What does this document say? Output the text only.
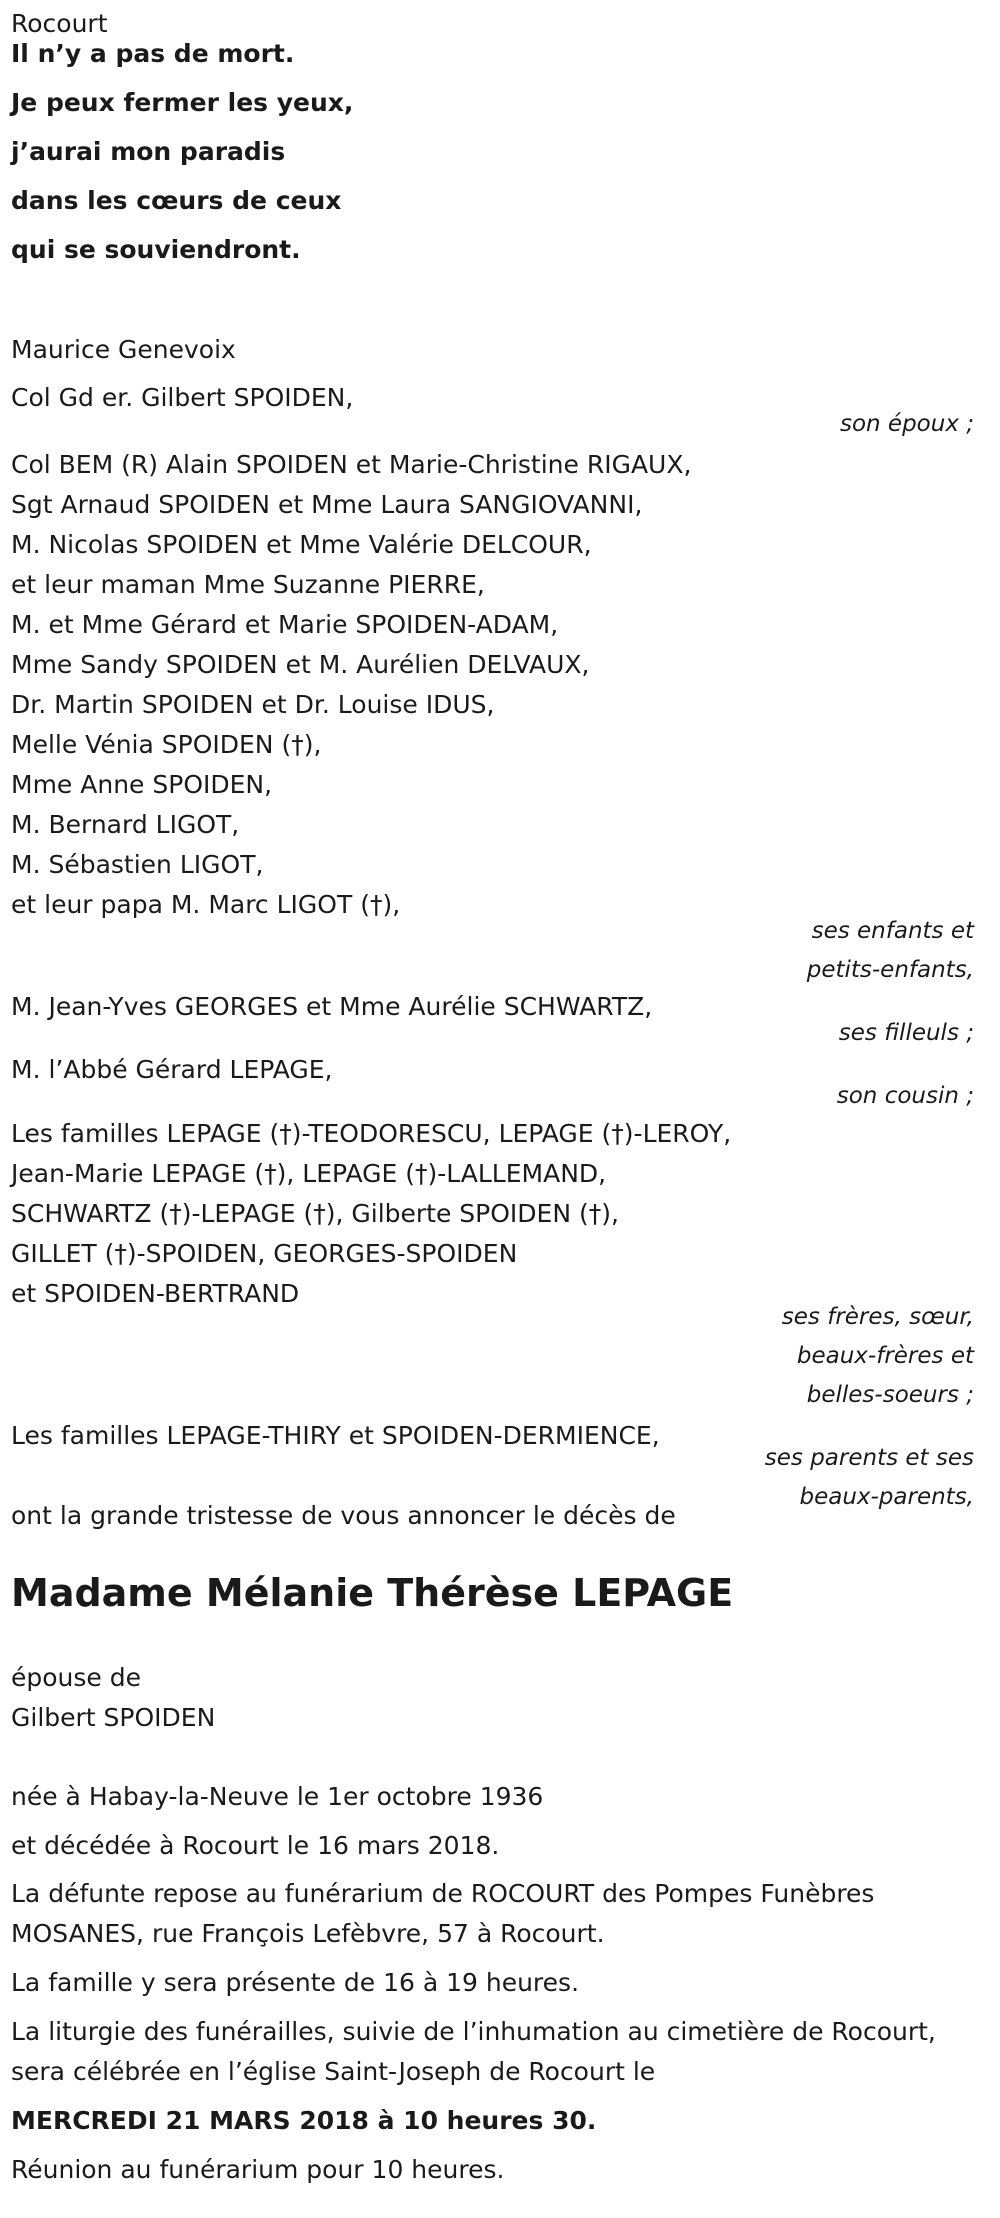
Rocourt

Il n’y a pas de mort.

Je peux fermer les yeux,

j’aurai mon paradis

dans les cœurs de ceux

qui se souviendront.

Maurice Genevoix

Col Gd er. Gilbert SPOIDEN,

son époux ;

Col BEM (R) Alain SPOIDEN et Marie-Christine RIGAUX,

Sgt Arnaud SPOIDEN et Mme Laura SANGIOVANNI,

M. Nicolas SPOIDEN et Mme Valérie DELCOUR,

et leur maman Mme Suzanne PIERRE,

M. et Mme Gérard et Marie SPOIDEN-ADAM,

Mme Sandy SPOIDEN et M. Aurélien DELVAUX,

Dr. Martin SPOIDEN et Dr. Louise IDUS,

Melle Vénia SPOIDEN (†),

Mme Anne SPOIDEN,

M. Bernard LIGOT,

M. Sébastien LIGOT,

et leur papa M. Marc LIGOT (†),

ses enfants et
petits-enfants,

M. Jean-Yves GEORGES et Mme Aurélie SCHWARTZ,

ses filleuls ;

M. l’Abbé Gérard LEPAGE,

son cousin ;

Les familles LEPAGE (†)-TEODORESCU, LEPAGE (†)-LEROY,

Jean-Marie LEPAGE (†), LEPAGE (†)-LALLEMAND,

SCHWARTZ (†)-LEPAGE (†), Gilberte SPOIDEN (†),

GILLET (†)-SPOIDEN, GEORGES-SPOIDEN

et SPOIDEN-BERTRAND

ses frères, sœur,
beaux-frères et
belles-soeurs ;

Les familles LEPAGE-THIRY et SPOIDEN-DERMIENCE,

ses parents et ses
beaux-parents,

ont la grande tristesse de vous annoncer le décès de

Madame Mélanie Thérèse LEPAGE

épouse de

Gilbert SPOIDEN

née à Habay-la-Neuve le 1er octobre 1936

et décédée à Rocourt le 16 mars 2018.

La défunte repose au funérarium de ROCOURT des Pompes Funèbres

MOSANES, rue François Lefèbvre, 57 à Rocourt.

La famille y sera présente de 16 à 19 heures.

La liturgie des funérailles, suivie de l’inhumation au cimetière de Rocourt,

sera célébrée en l’église Saint-Joseph de Rocourt le

MERCREDI 21 MARS 2018 à 10 heures 30.

Réunion au funérarium pour 10 heures.
